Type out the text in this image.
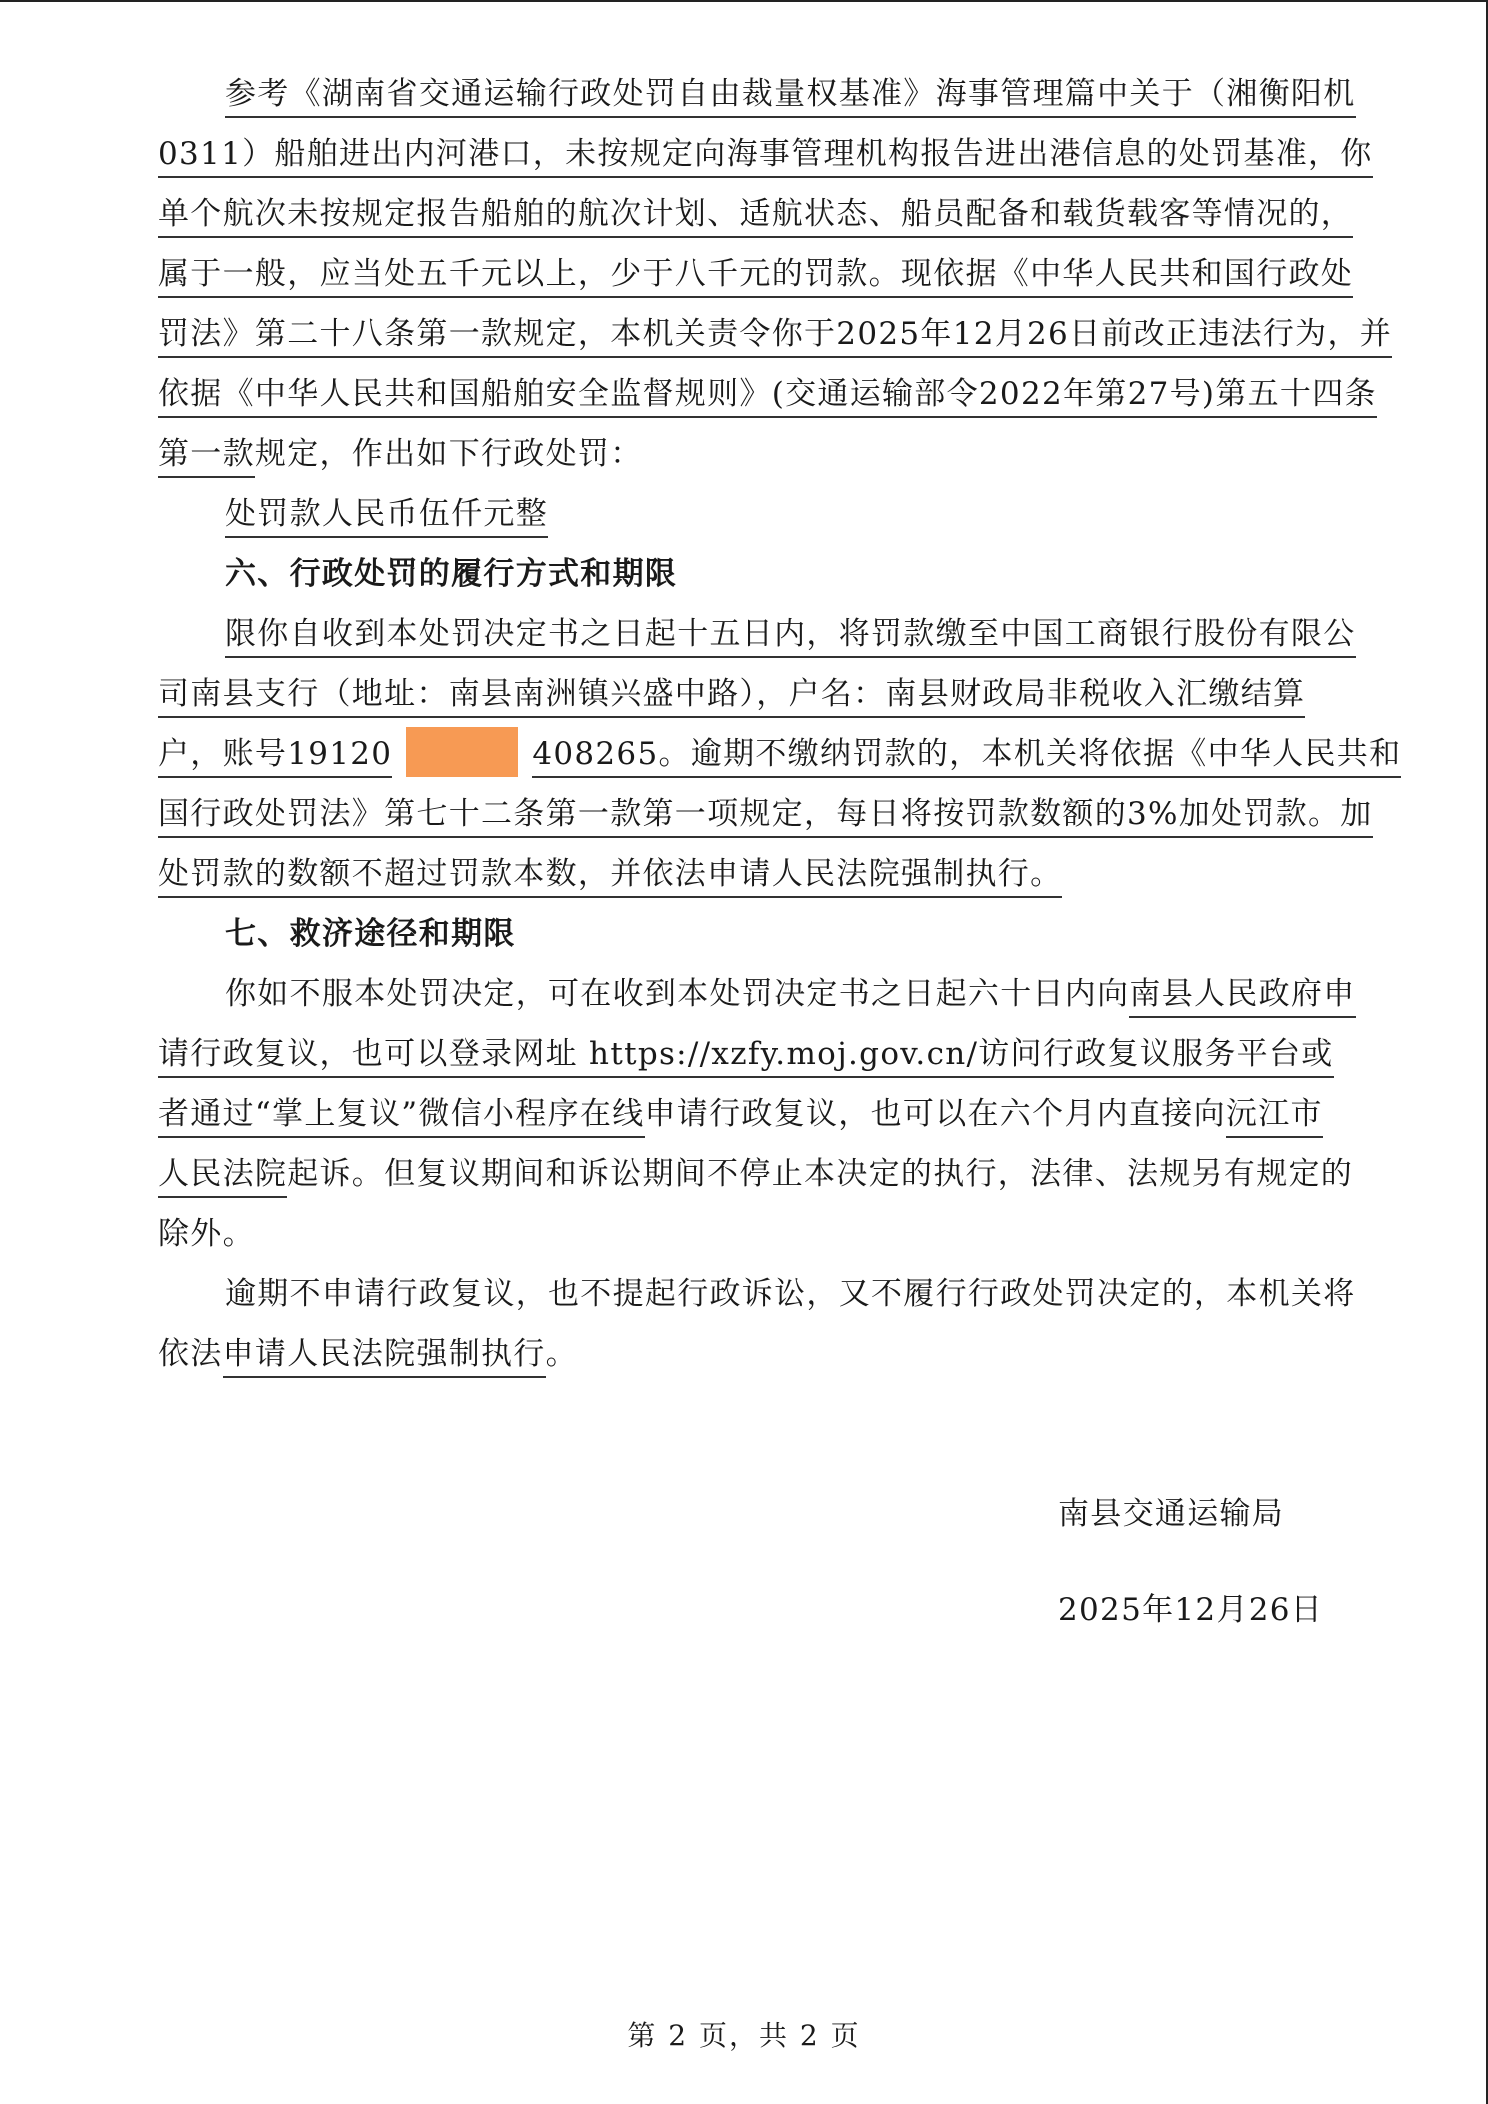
参考《湖南省交通运输行政处罚自由裁量权基准》海事管理篇中关于（湘衡阳机
0311）船舶进出内河港口，未按规定向海事管理机构报告进出港信息的处罚基准，你
单个航次未按规定报告船舶的航次计划、适航状态、船员配备和载货载客等情况的，
属于一般，应当处五千元以上，少于八千元的罚款。现依据《中华人民共和国行政处
罚法》第二十八条第一款规定，本机关责令你于2025年12月26日前改正违法行为，并
依据《中华人民共和国船舶安全监督规则》(交通运输部令2022年第27号)第五十四条
第一款规定，作出如下行政处罚：
处罚款人民币伍仟元整
六、行政处罚的履行方式和期限
限你自收到本处罚决定书之日起十五日内，将罚款缴至中国工商银行股份有限公
司南县支行（地址：南县南洲镇兴盛中路），户名：南县财政局非税收入汇缴结算
户，账号19120	408265。逾期不缴纳罚款的，本机关将依据《中华人民共和
国行政处罚法》第七十二条第一款第一项规定，每日将按罚款数额的3%加处罚款。加
处罚款的数额不超过罚款本数，并依法申请人民法院强制执行。
七、救济途径和期限
你如不服本处罚决定，可在收到本处罚决定书之日起六十日内向南县人民政府申
请行政复议，也可以登录网址 https://xzfy.moj.gov.cn/访问行政复议服务平台或
者通过“掌上复议”微信小程序在线申请行政复议，也可以在六个月内直接向沅江市
人民法院起诉。但复议期间和诉讼期间不停止本决定的执行，法律、法规另有规定的
除外。
逾期不申请行政复议，也不提起行政诉讼，又不履行行政处罚决定的，本机关将
依法申请人民法院强制执行。
南县交通运输局
2025年12月26日
第 2 页，共 2 页
